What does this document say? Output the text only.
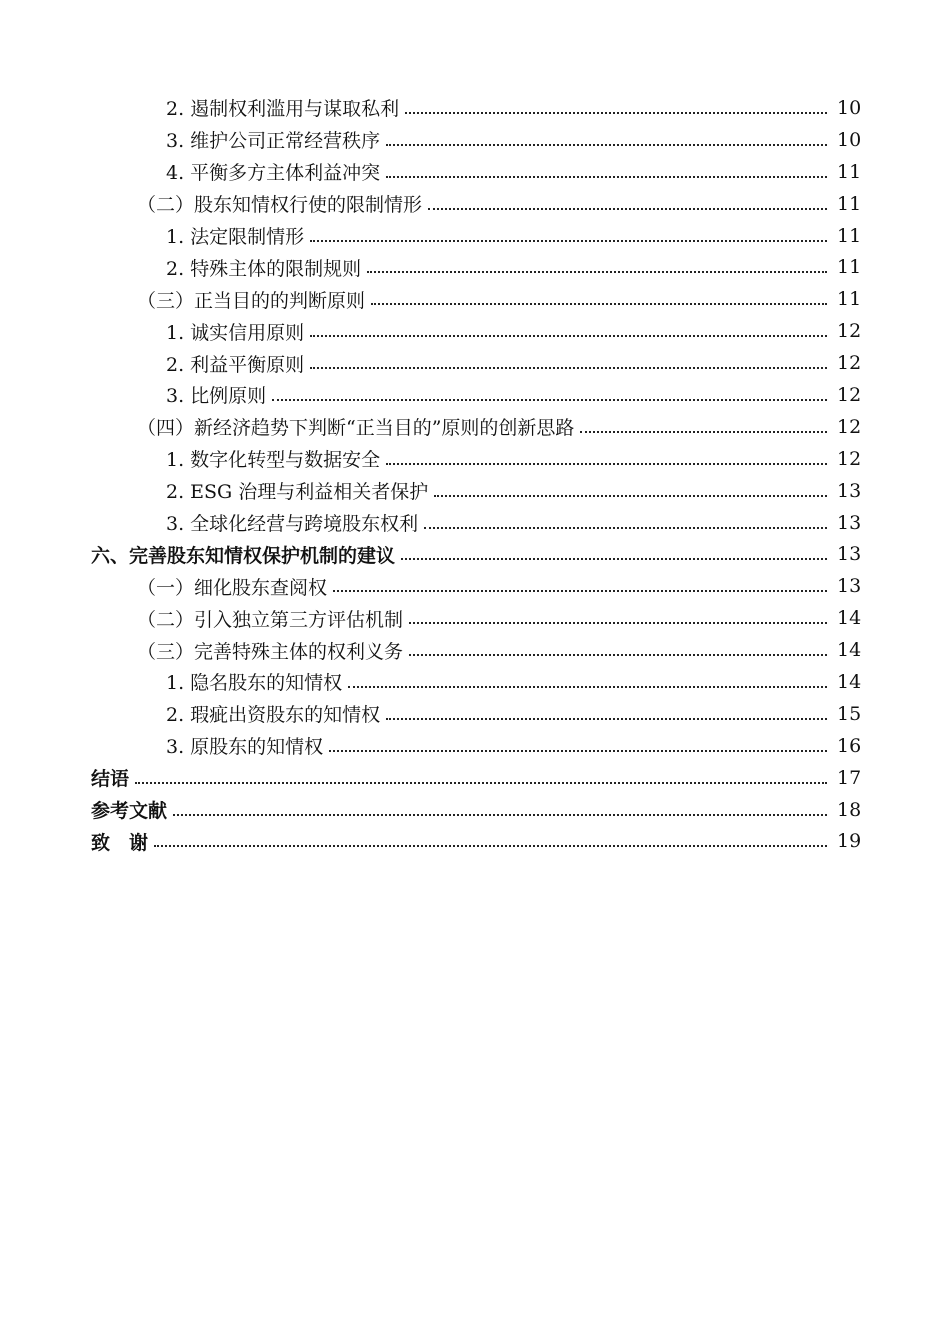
2. 遏制权利滥用与谋取私利	10
3. 维护公司正常经营秩序	10
4. 平衡多方主体利益冲突	11
（二）股东知情权行使的限制情形	11
1. 法定限制情形	11
2. 特殊主体的限制规则	11
（三）正当目的的判断原则	11
1. 诚实信用原则	12
2. 利益平衡原则	12
3. 比例原则	12
（四）新经济趋势下判断“正当目的”原则的创新思路	12
1. 数字化转型与数据安全	12
2. ESG 治理与利益相关者保护	13
3. 全球化经营与跨境股东权利	13
六、完善股东知情权保护机制的建议	13
（一）细化股东查阅权	13
（二）引入独立第三方评估机制	14
（三）完善特殊主体的权利义务	14
1. 隐名股东的知情权	14
2. 瑕疵出资股东的知情权	15
3. 原股东的知情权	16
结语	17
参考文献	18
致　谢	19
